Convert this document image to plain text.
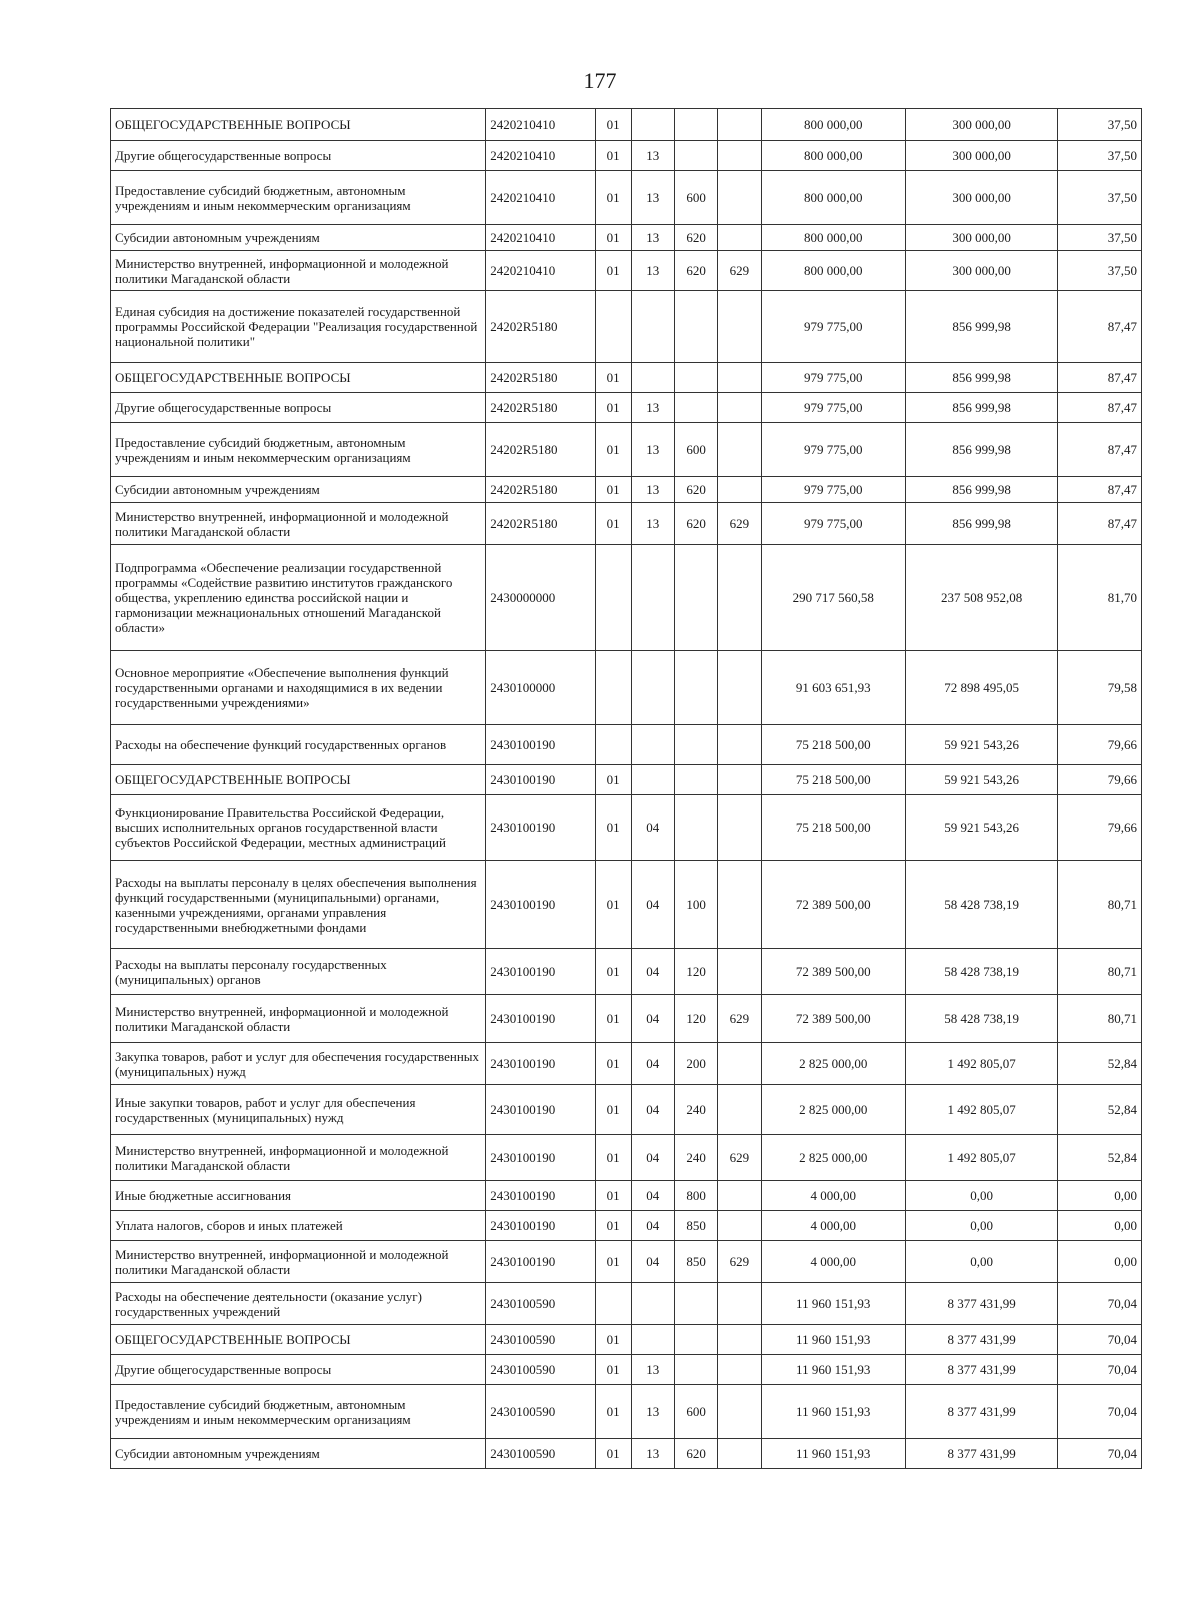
177
ОБЩЕГОСУДАРСТВЕННЫЕ ВОПРОСЫ	2420210410	01				800 000,00	300 000,00	37,50
Другие общегосударственные вопросы	2420210410	01	13			800 000,00	300 000,00	37,50
Предоставление субсидий бюджетным, автономным учреждениям и иным некоммерческим организациям	2420210410	01	13	600		800 000,00	300 000,00	37,50
Субсидии автономным учреждениям	2420210410	01	13	620		800 000,00	300 000,00	37,50
Министерство внутренней, информационной и молодежной политики Магаданской области	2420210410	01	13	620	629	800 000,00	300 000,00	37,50
Единая субсидия на достижение показателей государственной программы Российской Федерации "Реализация государственной национальной политики"	24202R5180					979 775,00	856 999,98	87,47
ОБЩЕГОСУДАРСТВЕННЫЕ ВОПРОСЫ	24202R5180	01				979 775,00	856 999,98	87,47
Другие общегосударственные вопросы	24202R5180	01	13			979 775,00	856 999,98	87,47
Предоставление субсидий бюджетным, автономным учреждениям и иным некоммерческим организациям	24202R5180	01	13	600		979 775,00	856 999,98	87,47
Субсидии автономным учреждениям	24202R5180	01	13	620		979 775,00	856 999,98	87,47
Министерство внутренней, информационной и молодежной политики Магаданской области	24202R5180	01	13	620	629	979 775,00	856 999,98	87,47
Подпрограмма «Обеспечение реализации государственной программы «Содействие развитию институтов гражданского общества, укреплению единства российской нации и гармонизации межнациональных отношений Магаданской области»	2430000000					290 717 560,58	237 508 952,08	81,70
Основное мероприятие «Обеспечение выполнения функций государственными органами и находящимися в их ведении государственными учреждениями»	2430100000					91 603 651,93	72 898 495,05	79,58
Расходы на обеспечение функций государственных органов	2430100190					75 218 500,00	59 921 543,26	79,66
ОБЩЕГОСУДАРСТВЕННЫЕ ВОПРОСЫ	2430100190	01				75 218 500,00	59 921 543,26	79,66
Функционирование Правительства Российской Федерации, высших исполнительных органов государственной власти субъектов Российской Федерации, местных администраций	2430100190	01	04			75 218 500,00	59 921 543,26	79,66
Расходы на выплаты персоналу в целях обеспечения выполнения функций государственными (муниципальными) органами, казенными учреждениями, органами управления государственными внебюджетными фондами	2430100190	01	04	100		72 389 500,00	58 428 738,19	80,71
Расходы на выплаты персоналу государственных (муниципальных) органов	2430100190	01	04	120		72 389 500,00	58 428 738,19	80,71
Министерство внутренней, информационной и молодежной политики Магаданской области	2430100190	01	04	120	629	72 389 500,00	58 428 738,19	80,71
Закупка товаров, работ и услуг для обеспечения государственных (муниципальных) нужд	2430100190	01	04	200		2 825 000,00	1 492 805,07	52,84
Иные закупки товаров, работ и услуг для обеспечения государственных (муниципальных) нужд	2430100190	01	04	240		2 825 000,00	1 492 805,07	52,84
Министерство внутренней, информационной и молодежной политики Магаданской области	2430100190	01	04	240	629	2 825 000,00	1 492 805,07	52,84
Иные бюджетные ассигнования	2430100190	01	04	800		4 000,00	0,00	0,00
Уплата налогов, сборов и иных платежей	2430100190	01	04	850		4 000,00	0,00	0,00
Министерство внутренней, информационной и молодежной политики Магаданской области	2430100190	01	04	850	629	4 000,00	0,00	0,00
Расходы на обеспечение деятельности (оказание услуг) государственных учреждений	2430100590					11 960 151,93	8 377 431,99	70,04
ОБЩЕГОСУДАРСТВЕННЫЕ ВОПРОСЫ	2430100590	01				11 960 151,93	8 377 431,99	70,04
Другие общегосударственные вопросы	2430100590	01	13			11 960 151,93	8 377 431,99	70,04
Предоставление субсидий бюджетным, автономным учреждениям и иным некоммерческим организациям	2430100590	01	13	600		11 960 151,93	8 377 431,99	70,04
Субсидии автономным учреждениям	2430100590	01	13	620		11 960 151,93	8 377 431,99	70,04
